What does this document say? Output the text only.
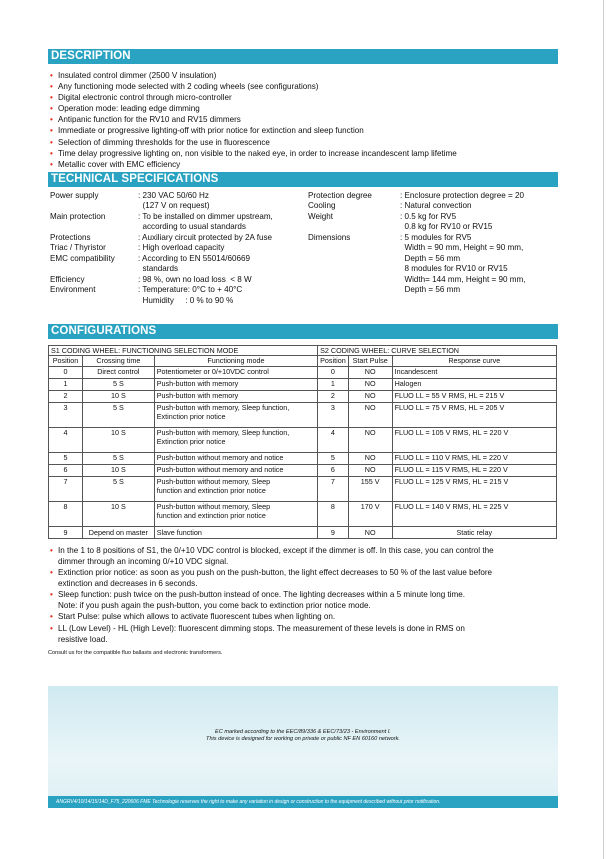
DESCRIPTION
• Insulated control dimmer (2500 V insulation)
• Any functioning mode selected with 2 coding wheels (see configurations)
• Digital electronic control through micro-controller
• Operation mode: leading edge dimming
• Antipanic function for the RV10 and RV15 dimmers
• Immediate or progressive lighting-off with prior notice for extinction and sleep function
• Selection of dimming thresholds for the use in fluorescence
• Time delay progressive lighting on, non visible to the naked eye, in order to increase incandescent lamp lifetime
• Metallic cover with EMC efficiency
TECHNICAL SPECIFICATIONS
Power supply	: 230 VAC 50/60 Hz
(127 V on request)
Main protection	: To be installed on dimmer upstream,
according to usual standards
Protections	: Auxiliary circuit protected by 2A fuse
Triac / Thyristor	: High overload capacity
EMC compatibility	: According to EN 55014/60669
standards
Efficiency	: 98 %, own no load loss  < 8 W
Environment	: Temperature: 0°C to + 40°C
Humidity     : 0 % to 90 %
Protection degree	: Enclosure protection degree = 20
Cooling	: Natural convection
Weight	: 0.5 kg for RV5
0.8 kg for RV10 or RV15
Dimensions	: 5 modules for RV5
Width = 90 mm, Height = 90 mm,
Depth = 56 mm
8 modules for RV10 or RV15
Width= 144 mm, Height = 90 mm,
Depth = 56 mm
CONFIGURATIONS
S1 CODING WHEEL: FUNCTIONING SELECTION MODE			S2 CODING WHEEL: CURVE SELECTION		
Position	Crossing time	Functioning mode	Position	Start Pulse	Response curve
0	Direct control	Potentiometer or 0/+10VDC control	0	NO	Incandescent
1	5 S	Push-button with memory	1	NO	Halogen
2	10 S	Push-button with memory	2	NO	FLUO LL = 55 V RMS, HL = 215 V
3	5 S	Push-button with memory, Sleep function,
Extinction prior notice	3	NO	FLUO LL = 75 V RMS, HL = 205 V
4	10 S	Push-button with memory, Sleep function,
Extinction prior notice	4	NO	FLUO LL = 105 V RMS, HL = 220 V
5	5 S	Push-button without memory and notice	5	NO	FLUO LL = 110 V RMS, HL = 220 V
6	10 S	Push-button without memory and notice	6	NO	FLUO LL = 115 V RMS, HL = 220 V
7	5 S	Push-button without memory, Sleep
function and extinction prior notice	7	155 V	FLUO LL = 125 V RMS, HL = 215 V
8	10 S	Push-button without memory, Sleep
function and extinction prior notice	8	170 V	FLUO LL = 140 V RMS, HL = 225 V
9	Depend on master	Slave function	9	NO	Static relay
• In the 1 to 8 positions of S1, the 0/+10 VDC control is blocked, except if the dimmer is off. In this case, you can control the
dimmer through an incoming 0/+10 VDC signal.
• Extinction prior notice: as soon as you push on the push-button, the light effect decreases to 50 % of the last value before
extinction and decreases in 6 seconds.
• Sleep function: push twice on the push-button instead of once. The lighting decreases within a 5 minute long time.
Note: if you push again the push-button, you come back to extinction prior notice mode.
• Start Pulse: pulse which allows to activate fluorescent tubes when lighting on.
• LL (Low Level) - HL (High Level): fluorescent dimming stops. The measurement of these levels is done in RMS on
resistive load.
Consult us for the compatible fluo ballasts and electronic transformers.
EC marked according to the EEC/89/336 & EEC/73/23 - Environment I.
This device is designed for working on private or public NF EN 60160 network.
ANGRV4/10/14/15/14D_F75_220606 FME Technologie reserves the right to make any variation in design or construction to the equipment described without prior notification.
